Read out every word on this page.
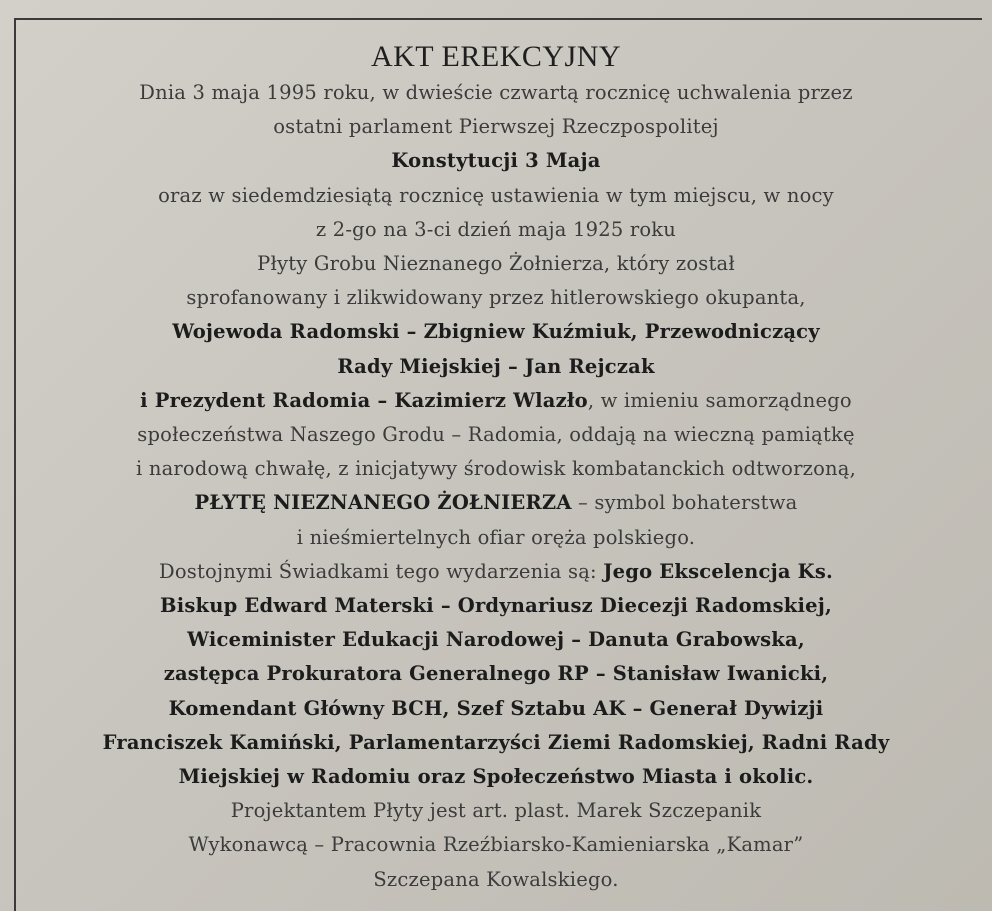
AKT EREKCYJNY
Dnia 3 maja 1995 roku, w dwieście czwartą rocznicę uchwalenia przez
ostatni parlament Pierwszej Rzeczpospolitej
Konstytucji 3 Maja
oraz w siedemdziesiątą rocznicę ustawienia w tym miejscu, w nocy
z 2-go na 3-ci dzień maja 1925 roku
Płyty Grobu Nieznanego Żołnierza, który został
sprofanowany i zlikwidowany przez hitlerowskiego okupanta,
Wojewoda Radomski – Zbigniew Kuźmiuk, Przewodniczący
Rady Miejskiej – Jan Rejczak
i Prezydent Radomia – Kazimierz Wlazło, w imieniu samorządnego
społeczeństwa Naszego Grodu – Radomia, oddają na wieczną pamiątkę
i narodową chwałę, z inicjatywy środowisk kombatanckich odtworzoną,
PŁYTĘ NIEZNANEGO ŻOŁNIERZA – symbol bohaterstwa
i nieśmiertelnych ofiar oręża polskiego.
Dostojnymi Świadkami tego wydarzenia są: Jego Ekscelencja Ks.
Biskup Edward Materski – Ordynariusz Diecezji Radomskiej,
Wiceminister Edukacji Narodowej – Danuta Grabowska,
zastępca Prokuratora Generalnego RP – Stanisław Iwanicki,
Komendant Główny BCH, Szef Sztabu AK – Generał Dywizji
Franciszek Kamiński, Parlamentarzyści Ziemi Radomskiej, Radni Rady
Miejskiej w Radomiu oraz Społeczeństwo Miasta i okolic.
Projektantem Płyty jest art. plast. Marek Szczepanik
Wykonawcą – Pracownia Rzeźbiarsko-Kamieniarska „Kamar”
Szczepana Kowalskiego.
